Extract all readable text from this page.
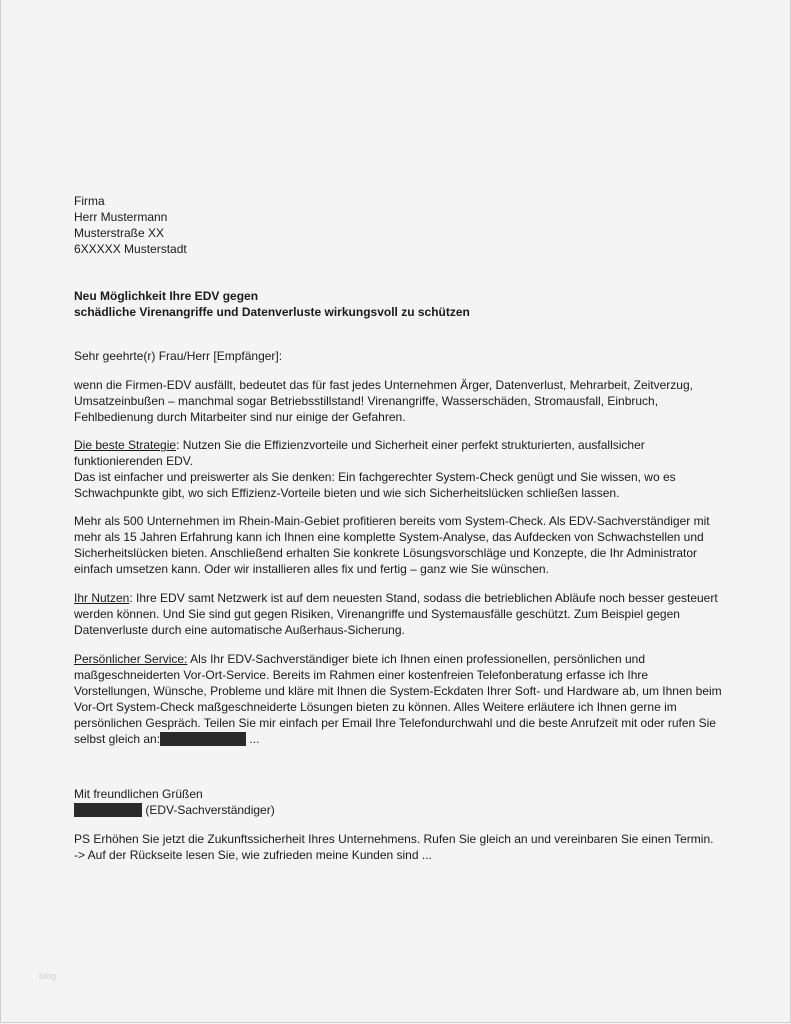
Firma
Herr Mustermann
Musterstraße XX
6XXXXX Musterstadt
Neu Möglichkeit Ihre EDV gegen
schädliche Virenangriffe und Datenverluste wirkungsvoll zu schützen
Sehr geehrte(r) Frau/Herr [Empfänger]:
wenn die Firmen-EDV ausfällt, bedeutet das für fast jedes Unternehmen Ärger, Datenverlust, Mehrarbeit, Zeitverzug,
Umsatzeinbußen – manchmal sogar Betriebsstillstand! Virenangriffe, Wasserschäden, Stromausfall, Einbruch,
Fehlbedienung durch Mitarbeiter sind nur einige der Gefahren.
Die beste Strategie: Nutzen Sie die Effizienzvorteile und Sicherheit einer perfekt strukturierten, ausfallsicher
funktionierenden EDV.
Das ist einfacher und preiswerter als Sie denken: Ein fachgerechter System-Check genügt und Sie wissen, wo es
Schwachpunkte gibt, wo sich Effizienz-Vorteile bieten und wie sich Sicherheitslücken schließen lassen.
Mehr als 500 Unternehmen im Rhein-Main-Gebiet profitieren bereits vom System-Check. Als EDV-Sachverständiger mit
mehr als 15 Jahren Erfahrung kann ich Ihnen eine komplette System-Analyse, das Aufdecken von Schwachstellen und
Sicherheitslücken bieten. Anschließend erhalten Sie konkrete Lösungsvorschläge und Konzepte, die Ihr Administrator
einfach umsetzen kann. Oder wir installieren alles fix und fertig – ganz wie Sie wünschen.
Ihr Nutzen: Ihre EDV samt Netzwerk ist auf dem neuesten Stand, sodass die betrieblichen Abläufe noch besser gesteuert
werden können. Und Sie sind gut gegen Risiken, Virenangriffe und Systemausfälle geschützt. Zum Beispiel gegen
Datenverluste durch eine automatische Außerhaus-Sicherung.
Persönlicher Service: Als Ihr EDV-Sachverständiger biete ich Ihnen einen professionellen, persönlichen und
maßgeschneiderten Vor-Ort-Service. Bereits im Rahmen einer kostenfreien Telefonberatung erfasse ich Ihre
Vorstellungen, Wünsche, Probleme und kläre mit Ihnen die System-Eckdaten Ihrer Soft- und Hardware ab, um Ihnen beim
Vor-Ort System-Check maßgeschneiderte Lösungen bieten zu können. Alles Weitere erläutere ich Ihnen gerne im
persönlichen Gespräch. Teilen Sie mir einfach per Email Ihre Telefondurchwahl und die beste Anrufzeit mit oder rufen Sie
selbst gleich an:	...
Mit freundlichen Grüßen
(EDV-Sachverständiger)
PS Erhöhen Sie jetzt die Zukunftssicherheit Ihres Unternehmens. Rufen Sie gleich an und vereinbaren Sie einen Termin.
-> Auf der Rückseite lesen Sie, wie zufrieden meine Kunden sind ...
blog
